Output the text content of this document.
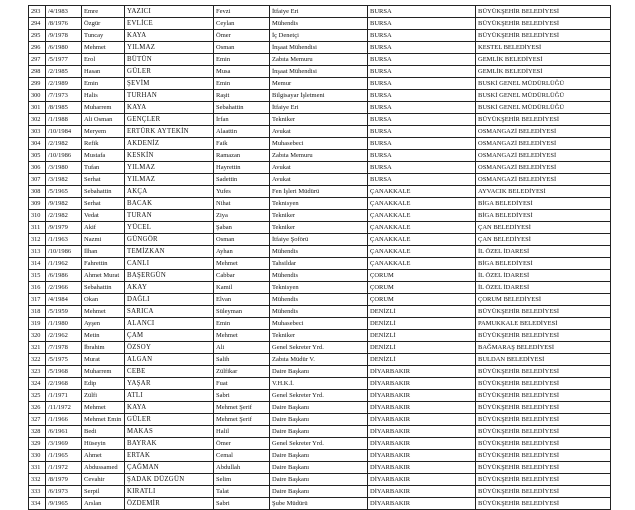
293	/4/1983	Emre	YAZICI	Fevzi	İtfaiye Eri	BURSA	BÜYÜKŞEHİR BELEDİYESİ
294	/8/1976	Özgür	EVLİCE	Ceylan	Mühendis	BURSA	BÜYÜKŞEHİR BELEDİYESİ
295	/9/1978	Tuncay	KAYA	Ömer	İç Denetçi	BURSA	BÜYÜKŞEHİR BELEDİYESİ
296	/6/1980	Mehmet	YILMAZ	Osman	İnşaat Mühendisi	BURSA	KESTEL BELEDİYESİ
297	/5/1977	Erol	BÜTÜN	Emin	Zabıta Memuru	BURSA	GEMLİK BELEDİYESİ
298	/2/1985	Hasan	GÜLER	Musa	İnşaat Mühendisi	BURSA	GEMLİK BELEDİYESİ
299	/2/1989	Emin	ŞEVİM	Emin	Memur	BURSA	BUSKİ GENEL MÜDÜRLÜĞÜ
300	/7/1973	Halis	TURHAN	Raşit	Bilgisayar İşletmeni	BURSA	BUSKİ GENEL MÜDÜRLÜĞÜ
301	/8/1985	Muharrem	KAYA	Sebahattin	İtfaiye Eri	BURSA	BUSKİ GENEL MÜDÜRLÜĞÜ
302	/1/1988	Ali Osman	GENÇLER	İrfan	Tekniker	BURSA	BÜYÜKŞEHİR BELEDİYESİ
303	/10/1984	Meryem	ERTÜRK AYTEKİN	Alaattin	Avukat	BURSA	OSMANGAZİ BELEDİYESİ
304	/2/1982	Refik	AKDENİZ	Faik	Muhasebeci	BURSA	OSMANGAZİ BELEDİYESİ
305	/10/1986	Mustafa	KESKİN	Ramazan	Zabıta Memuru	BURSA	OSMANGAZİ BELEDİYESİ
306	/3/1980	Tufan	YILMAZ	Hayrettin	Avukat	BURSA	OSMANGAZİ BELEDİYESİ
307	/3/1982	Serhat	YILMAZ	Sadettin	Avukat	BURSA	OSMANGAZİ BELEDİYESİ
308	/5/1965	Sebahattin	AKÇA	Yufes	Fen İşleri Müdürü	ÇANAKKALE	AYVACIK BELEDİYESİ
309	/9/1982	Serhat	BACAK	Nihat	Teknisyen	ÇANAKKALE	BİGA BELEDİYESİ
310	/2/1982	Vedat	TURAN	Ziya	Tekniker	ÇANAKKALE	BİGA BELEDİYESİ
311	/9/1979	Akif	YÜCEL	Şaban	Tekniker	ÇANAKKALE	ÇAN BELEDİYESİ
312	/1/1963	Nazmi	GÜNGÖR	Osman	İtfaiye Şoförü	ÇANAKKALE	ÇAN BELEDİYESİ
313	/10/1986	İlhan	TEMİZKAN	Ayhan	Mühendis	ÇANAKKALE	İL ÖZEL İDARESİ
314	/1/1962	Fahrettin	CANLI	Mehmet	Tahsildar	ÇANAKKALE	BİGA BELEDİYESİ
315	/6/1986	Ahmet Murat	BAŞERGÜN	Cabbar	Mühendis	ÇORUM	İL ÖZEL İDARESİ
316	/2/1966	Sebahattin	AKAY	Kamil	Teknisyen	ÇORUM	İL ÖZEL İDARESİ
317	/4/1984	Okan	DAĞLI	Elvan	Mühendis	ÇORUM	ÇORUM BELEDİYESİ
318	/5/1959	Mehmet	SARICA	Süleyman	Mühendis	DENİZLİ	BÜYÜKŞEHİR BELEDİYESİ
319	/1/1980	Ayşen	ALANCI	Emin	Muhasebeci	DENİZLİ	PAMUKKALE BELEDİYESİ
320	/2/1962	Metin	ÇAM	Mehmet	Tekniker	DENİZLİ	BÜYÜKŞEHİR BELEDİYESİ
321	/7/1978	İbrahim	ÖZSOY	Ali	Genel Sekreter Yrd.	DENİZLİ	BAĞMARAŞ BELEDİYESİ
322	/5/1975	Murat	ALGAN	Salih	Zabıta Müdür V.	DENİZLİ	BULDAN BELEDİYESİ
323	/5/1968	Muharrem	CEBE	Zülfikar	Daire Başkanı	DİYARBAKIR	BÜYÜKŞEHİR BELEDİYESİ
324	/2/1968	Edip	YAŞAR	Fuat	V.H.K.İ.	DİYARBAKIR	BÜYÜKŞEHİR BELEDİYESİ
325	/1/1971	Zülfi	ATLI	Sabri	Genel Sekreter Yrd.	DİYARBAKIR	BÜYÜKŞEHİR BELEDİYESİ
326	/11/1972	Mehmet	KAYA	Mehmet Şerif	Daire Başkanı	DİYARBAKIR	BÜYÜKŞEHİR BELEDİYESİ
327	/1/1966	Mehmet Emin	GÜLER	Mehmet Şerif	Daire Başkanı	DİYARBAKIR	BÜYÜKŞEHİR BELEDİYESİ
328	/6/1961	Bedi	MAKAS	Halil	Daire Başkanı	DİYARBAKIR	BÜYÜKŞEHİR BELEDİYESİ
329	/3/1969	Hüseyin	BAYRAK	Ömer	Genel Sekreter Yrd.	DİYARBAKIR	BÜYÜKŞEHİR BELEDİYESİ
330	/1/1965	Ahmet	ERTAK	Cemal	Daire Başkanı	DİYARBAKIR	BÜYÜKŞEHİR BELEDİYESİ
331	/1/1972	Abdussamed	ÇAĞMAN	Abdullah	Daire Başkanı	DİYARBAKIR	BÜYÜKŞEHİR BELEDİYESİ
332	/8/1979	Cevahir	ŞADAK DÜZGÜN	Selim	Daire Başkanı	DİYARBAKIR	BÜYÜKŞEHİR BELEDİYESİ
333	/6/1973	Serpil	KIRATLI	Talat	Daire Başkanı	DİYARBAKIR	BÜYÜKŞEHİR BELEDİYESİ
334	/9/1965	Arslan	ÖZDEMİR	Sabri	Şube Müdürü	DİYARBAKIR	BÜYÜKŞEHİR BELEDİYESİ
